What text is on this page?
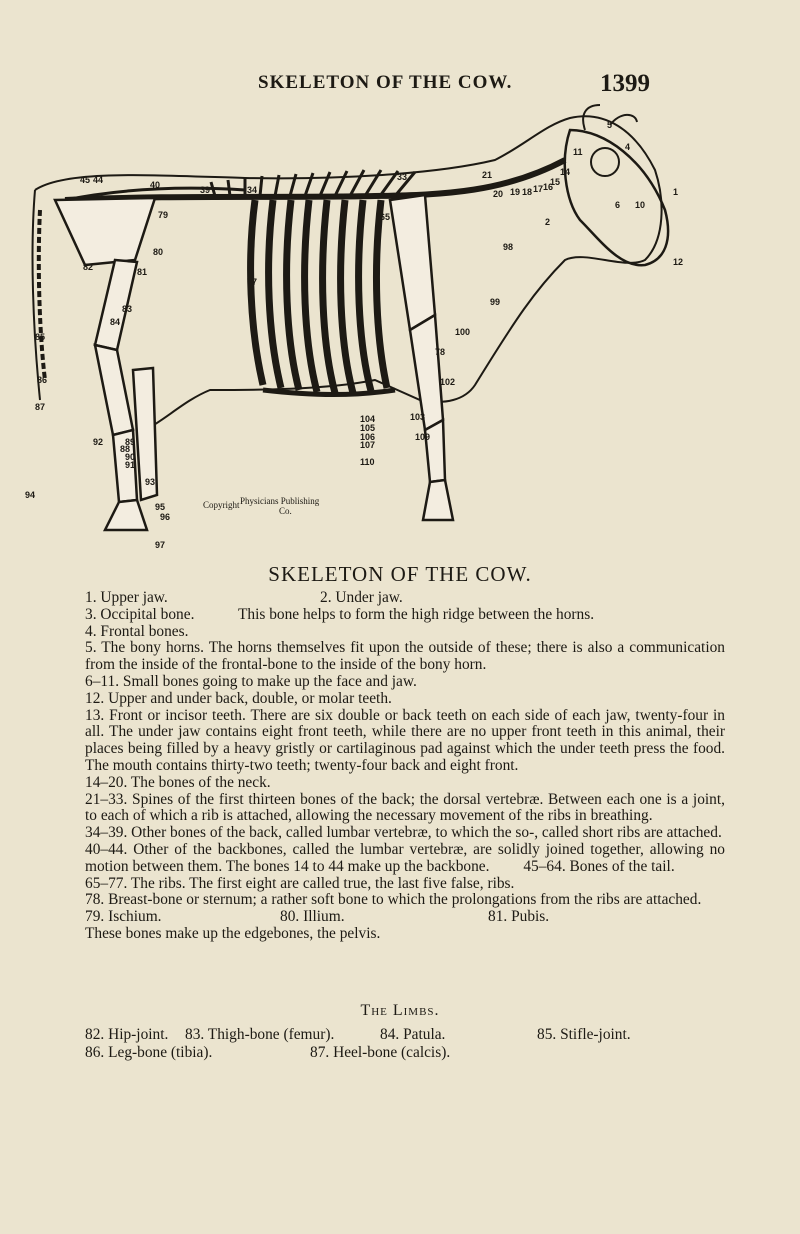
SKELETON OF THE COW.	1399
Copyright Physicians Publishing
Co.
1
2
4
5
6 10
11
12
14
15
16
17
18
19
20
21
33
34
39
40
44
45
65
77
78
79
80
81
82
83
84
85
86
87
88
89
90
91
92
93
94
95
96
97
98
99
100
102
103
104
105
106
107
109
110
SKELETON OF THE COW.
1. Upper jaw.	2. Under jaw.
3. Occipital bone.	This bone helps to form the high ridge between the horns.

4. Frontal bones.

5. The bony horns. The horns themselves fit upon the outside of these; there is also a communication from the inside of the frontal-bone to the inside of the bony horn.

6–11. Small bones going to make up the face and jaw.

12. Upper and under back, double, or molar teeth.

13. Front or incisor teeth. There are six double or back teeth on each side of each jaw, twenty-four in all. The under jaw contains eight front teeth, while there are no upper front teeth in this animal, their places being filled by a heavy gristly or cartilaginous pad against which the under teeth press the food. The mouth contains thirty-two teeth; twenty-four back and eight front.

14–20. The bones of the neck.

21–33. Spines of the first thirteen bones of the back; the dorsal vertebræ. Between each one is a joint, to each of which a rib is attached, allowing the necessary movement of the ribs in breathing.

34–39. Other bones of the back, called lumbar vertebræ, to which the so-, called short ribs are attached.

40–44. Other of the backbones, called the lumbar vertebræ, are solidly joined together, allowing no motion between them. The bones 14 to 44 make up the backbone. 45–64. Bones of the tail.

65–77. The ribs. The first eight are called true, the last five false, ribs.

78. Breast-bone or sternum; a rather soft bone to which the prolongations from the ribs are attached.

79. Ischium.	80. Illium.	81. Pubis.

These bones make up the edgebones, the pelvis.

The Limbs.
82. Hip-joint. 83. Thigh-bone (femur).	84. Patula.	85. Stifle-joint.
86. Leg-bone (tibia).	87. Heel-bone (calcis).
